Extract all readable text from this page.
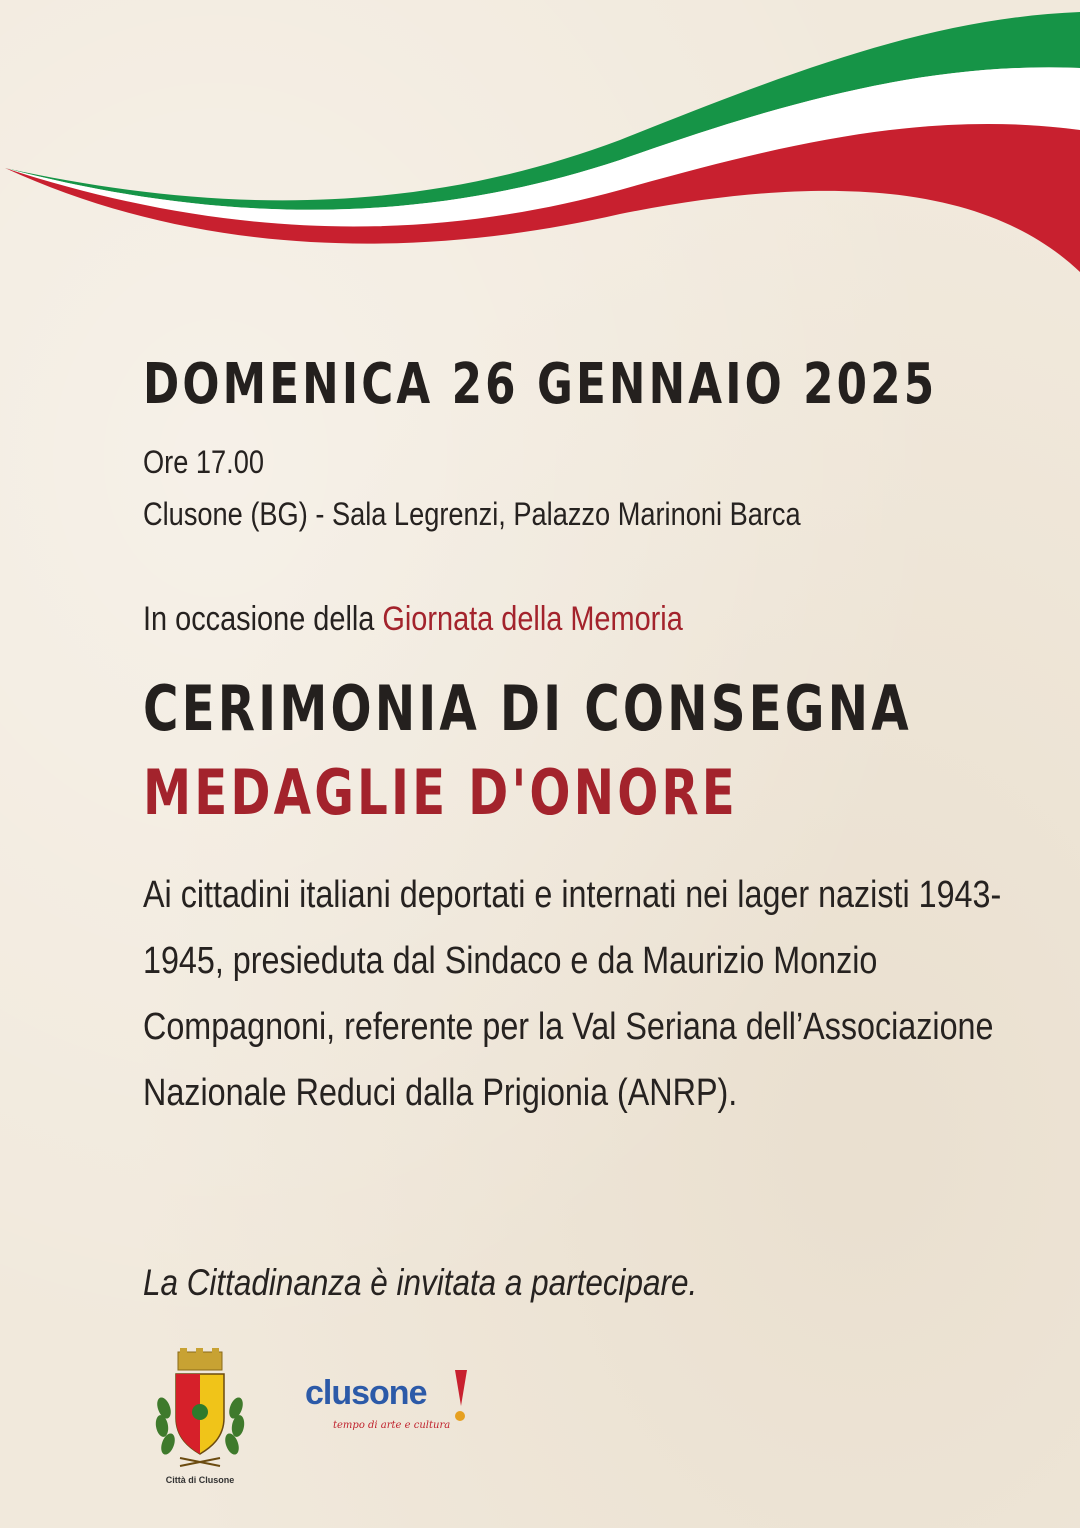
DOMENICA 26 GENNAIO 2025
Ore 17.00
Clusone (BG) - Sala Legrenzi, Palazzo Marinoni Barca
In occasione della Giornata della Memoria
CERIMONIA DI CONSEGNA
MEDAGLIE D'ONORE

Ai cittadini italiani deportati e internati nei lager nazisti 1943-1945, presieduta dal Sindaco e da Maurizio Monzio Compagnoni, referente per la Val Seriana dell’Associazione Nazionale Reduci dalla Prigionia (ANRP).

La Cittadinanza è invitata a partecipare.

Città di Clusone
clusone
tempo di arte e cultura
